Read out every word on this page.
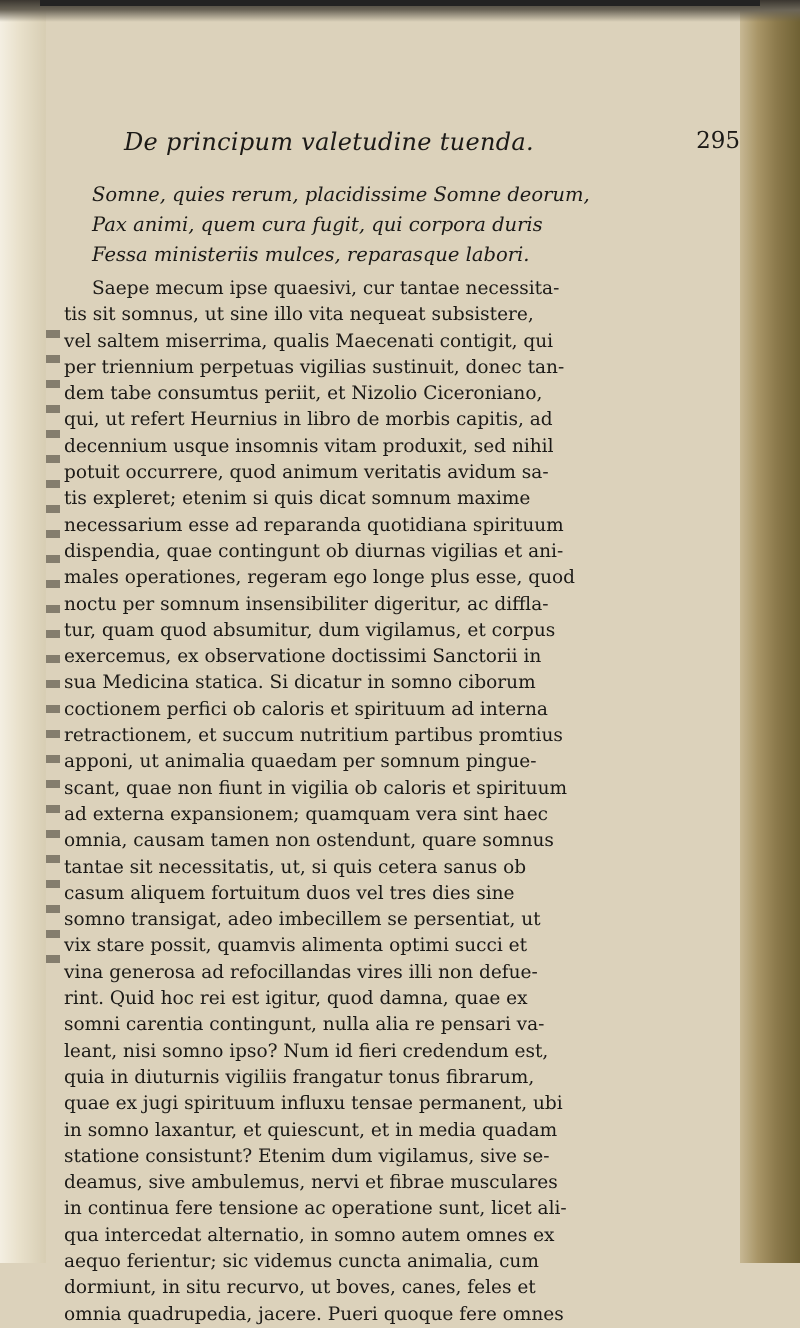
De principum valetudine tuenda.	295
Somne, quies rerum, placidissime Somne deorum,
Pax animi, quem cura fugit, qui corpora duris
Fessa ministeriis mulces, reparasque labori.
Saepe mecum ipse quaesivi, cur tantae necessita-
tis sit somnus, ut sine illo vita nequeat subsistere,
vel saltem miserrima, qualis Maecenati contigit, qui
per triennium perpetuas vigilias sustinuit, donec tan-
dem tabe consumtus periit, et Nizolio Ciceroniano,
qui, ut refert Heurnius in libro de morbis capitis, ad
decennium usque insomnis vitam produxit, sed nihil
potuit occurrere, quod animum veritatis avidum sa-
tis expleret; etenim si quis dicat somnum maxime
necessarium esse ad reparanda quotidiana spirituum
dispendia, quae contingunt ob diurnas vigilias et ani-
males operationes, regeram ego longe plus esse, quod
noctu per somnum insensibiliter digeritur, ac diffla-
tur, quam quod absumitur, dum vigilamus, et corpus
exercemus, ex observatione doctissimi Sanctorii in
sua Medicina statica. Si dicatur in somno ciborum
coctionem perfici ob caloris et spirituum ad interna
retractionem, et succum nutritium partibus promtius
apponi, ut animalia quaedam per somnum pingue-
scant, quae non fiunt in vigilia ob caloris et spirituum
ad externa expansionem; quamquam vera sint haec
omnia, causam tamen non ostendunt, quare somnus
tantae sit necessitatis, ut, si quis cetera sanus ob
casum aliquem fortuitum duos vel tres dies sine
somno transigat, adeo imbecillem se persentiat, ut
vix stare possit, quamvis alimenta optimi succi et
vina generosa ad refocillandas vires illi non defue-
rint. Quid hoc rei est igitur, quod damna, quae ex
somni carentia contingunt, nulla alia re pensari va-
leant, nisi somno ipso? Num id fieri credendum est,
quia in diuturnis vigiliis frangatur tonus fibrarum,
quae ex jugi spirituum influxu tensae permanent, ubi
in somno laxantur, et quiescunt, et in media quadam
statione consistunt? Etenim dum vigilamus, sive se-
deamus, sive ambulemus, nervi et fibrae musculares
in continua fere tensione ac operatione sunt, licet ali-
qua intercedat alternatio, in somno autem omnes ex
aequo ferientur; sic videmus cuncta animalia, cum
dormiunt, in situ recurvo, ut boves, canes, feles et
omnia quadrupedia, jacere. Pueri quoque fere omnes
